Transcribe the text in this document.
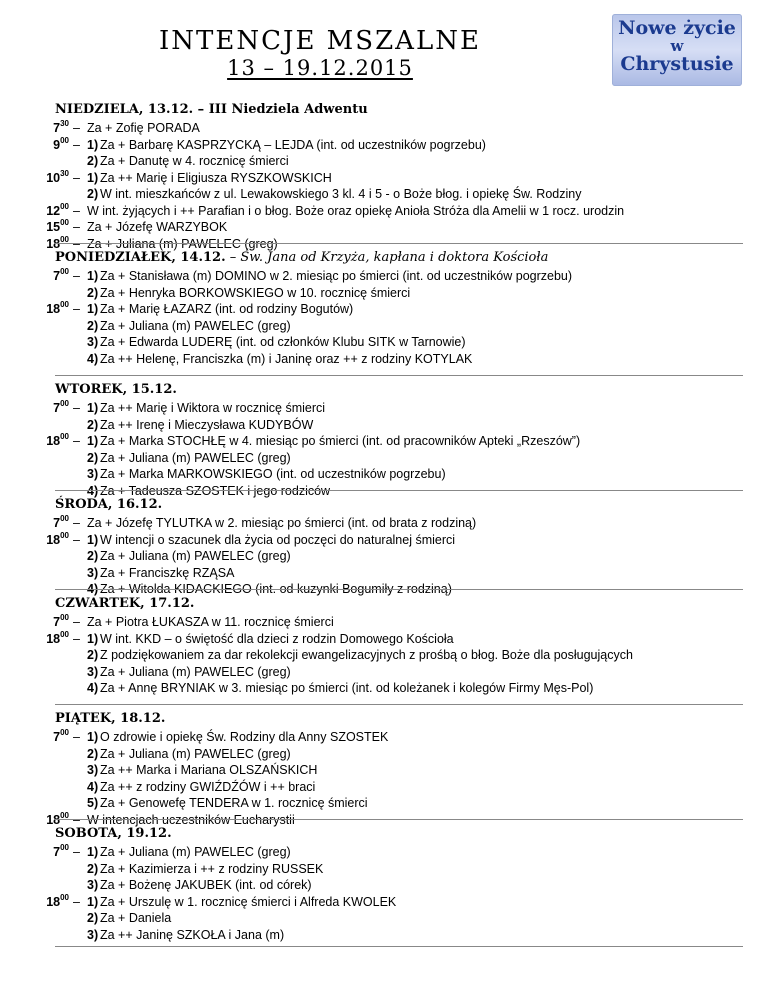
INTENCJE MSZALNE
13 – 19.12.2015
Nowe życie
w
Chrystusie
NIEDZIELA, 13.12. – III Niedziela Adwentu
$7^{30}$ – Za + Zofię PORADA
$9^{00} - 1$) Za + Barbarę KASPRZYCKĄ – LEJDA (int. od uczestników pogrzebu)
2) Za + Danutę w 4. rocznicę śmierci
$10^{30} - 1$) Za ++ Marię i Eligiusza RYSZKOWSKICH
2) W int. mieszkańców z ul. Lewakowskiego 3 kl. 4 i 5 - o Boże błog. i opiekę Św. Rodziny
$12^{00}$ – W int. żyjących i ++ Parafian i o błog. Boże oraz opiekę Anioła Stróża dla Amelii w 1 rocz. urodzin
$15^{00}$ – Za + Józefę WARZYBOK
$18^{00}$ – Za + Juliana (m) PAWELEC (greg)
PONIEDZIAŁEK, 14.12. – Św. Jana od Krzyża, kapłana i doktora Kościoła
$7^{00} - 1$) Za + Stanisława (m) DOMINO w 2. miesiąc po śmierci (int. od uczestników pogrzebu)
2) Za + Henryka BORKOWSKIEGO w 10. rocznicę śmierci
$18^{00} - 1$) Za + Marię ŁAZARZ (int. od rodziny Bogutów)
2) Za + Juliana (m) PAWELEC (greg)
3) Za + Edwarda LUDERĘ (int. od członków Klubu SITK w Tarnowie)
4) Za ++ Helenę, Franciszka (m) i Janinę oraz ++ z rodziny KOTYLAK
WTOREK, 15.12.
$7^{00} - 1$) Za ++ Marię i Wiktora w rocznicę śmierci
2) Za ++ Irenę i Mieczysława KUDYBÓW
$18^{00} - 1$) Za + Marka STOCHŁĘ w 4. miesiąc po śmierci (int. od pracowników Apteki „Rzeszów”)
2) Za + Juliana (m) PAWELEC (greg)
3) Za + Marka MARKOWSKIEGO (int. od uczestników pogrzebu)
4) Za + Tadeusza SZOSTEK i jego rodziców
ŚRODA, 16.12.
$7^{00}$ – Za + Józefę TYLUTKA w 2. miesiąc po śmierci (int. od brata z rodziną)
$18^{00} - 1$) W intencji o szacunek dla życia od poczęci do naturalnej śmierci
2) Za + Juliana (m) PAWELEC (greg)
3) Za + Franciszkę RZĄSA
4) Za + Witolda KIDACKIEGO (int. od kuzynki Bogumiły z rodziną)
CZWARTEK, 17.12.
$7^{00}$ – Za + Piotra ŁUKASZA w 11. rocznicę śmierci
$18^{00} - 1$) W int. KKD – o świętość dla dzieci z rodzin Domowego Kościoła
2) Z podziękowaniem za dar rekolekcji ewangelizacyjnych z prośbą o błog. Boże dla posługujących
3) Za + Juliana (m) PAWELEC (greg)
4) Za + Annę BRYNIAK w 3. miesiąc po śmierci (int. od koleżanek i kolegów Firmy Męs-Pol)
PIĄTEK, 18.12.
$7^{00} - 1$) O zdrowie i opiekę Św. Rodziny dla Anny SZOSTEK
2) Za + Juliana (m) PAWELEC (greg)
3) Za ++ Marka i Mariana OLSZAŃSKICH
4) Za ++ z rodziny GWIŹDŹÓW i ++ braci
5) Za + Genowefę TENDERA w 1. rocznicę śmierci
$18^{00}$ – W intencjach uczestników Eucharystii
SOBOTA, 19.12.
$7^{00} - 1$) Za + Juliana (m) PAWELEC (greg)
2) Za + Kazimierza i ++ z rodziny RUSSEK
3) Za + Bożenę JAKUBEK (int. od córek)
$18^{00} - 1$) Za + Urszulę w 1. rocznicę śmierci i Alfreda KWOLEK
2) Za + Daniela
3) Za ++ Janinę SZKOŁA i Jana (m)
